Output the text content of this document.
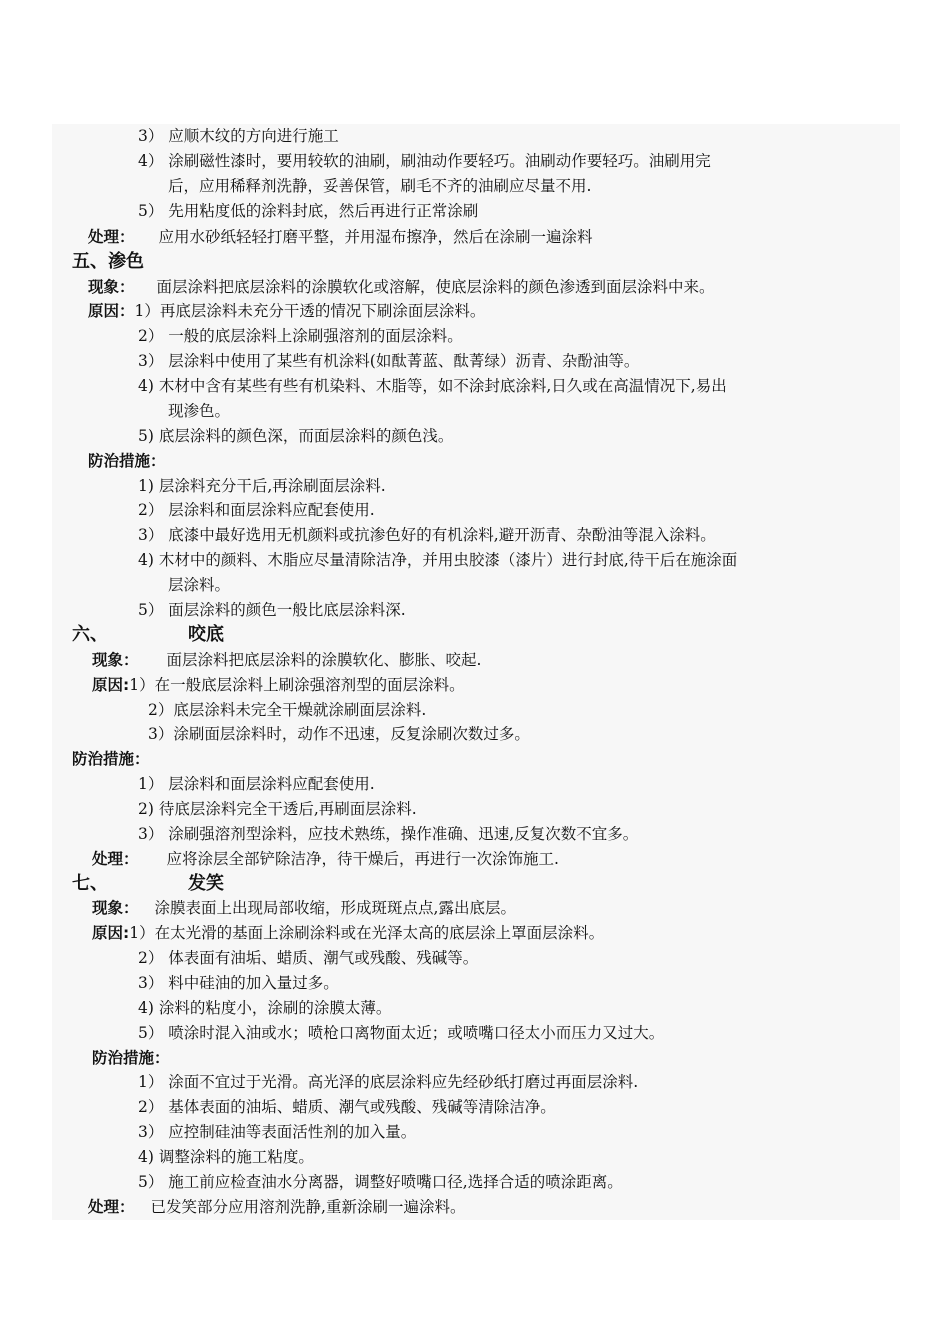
3） 应顺木纹的方向进行施工
4） 涂刷磁性漆时，要用较软的油刷，刷油动作要轻巧。油刷动作要轻巧。油刷用完
后，应用稀释剂洗静，妥善保管，刷毛不齐的油刷应尽量不用.
5） 先用粘度低的涂料封底，然后再进行正常涂刷
处理： 应用水砂纸轻轻打磨平整，并用湿布擦净，然后在涂刷一遍涂料
五、渗色
现象： 面层涂料把底层涂料的涂膜软化或溶解，使底层涂料的颜色渗透到面层涂料中来。
原因：1）再底层涂料未充分干透的情况下刷涂面层涂料。
2） 一般的底层涂料上涂刷强溶剂的面层涂料。
3） 层涂料中使用了某些有机涂料(如酞菁蓝、酞菁绿）沥青、杂酚油等。
4) 木材中含有某些有些有机染料、木脂等，如不涂封底涂料,日久或在高温情况下,易出
现渗色。
5) 底层涂料的颜色深，而面层涂料的颜色浅。
防治措施：
1) 层涂料充分干后,再涂刷面层涂料.
2） 层涂料和面层涂料应配套使用.
3） 底漆中最好选用无机颜料或抗渗色好的有机涂料,避开沥青、杂酚油等混入涂料。
4) 木材中的颜料、木脂应尽量清除洁净，并用虫胶漆（漆片）进行封底,待干后在施涂面
层涂料。
5） 面层涂料的颜色一般比底层涂料深.
六、	咬底
现象： 面层涂料把底层涂料的涂膜软化、膨胀、咬起.
原因:1）在一般底层涂料上刷涂强溶剂型的面层涂料。
2）底层涂料未完全干燥就涂刷面层涂料.
3）涂刷面层涂料时，动作不迅速，反复涂刷次数过多。
防治措施：
1） 层涂料和面层涂料应配套使用.
2) 待底层涂料完全干透后,再刷面层涂料.
3） 涂刷强溶剂型涂料，应技术熟练，操作准确、迅速,反复次数不宜多。
处理： 应将涂层全部铲除洁净，待干燥后，再进行一次涂饰施工.
七、	发笑
现象： 涂膜表面上出现局部收缩，形成斑斑点点,露出底层。
原因:1）在太光滑的基面上涂刷涂料或在光泽太高的底层涂上罩面层涂料。
2） 体表面有油垢、蜡质、潮气或残酸、残碱等。
3） 料中硅油的加入量过多。
4) 涂料的粘度小，涂刷的涂膜太薄。
5） 喷涂时混入油或水；喷枪口离物面太近；或喷嘴口径太小而压力又过大。
防治措施：
1） 涂面不宜过于光滑。高光泽的底层涂料应先经砂纸打磨过再面层涂料.
2） 基体表面的油垢、蜡质、潮气或残酸、残碱等清除洁净。
3） 应控制硅油等表面活性剂的加入量。
4) 调整涂料的施工粘度。
5） 施工前应检查油水分离器，调整好喷嘴口径,选择合适的喷涂距离。
处理： 已发笑部分应用溶剂洗静,重新涂刷一遍涂料。
